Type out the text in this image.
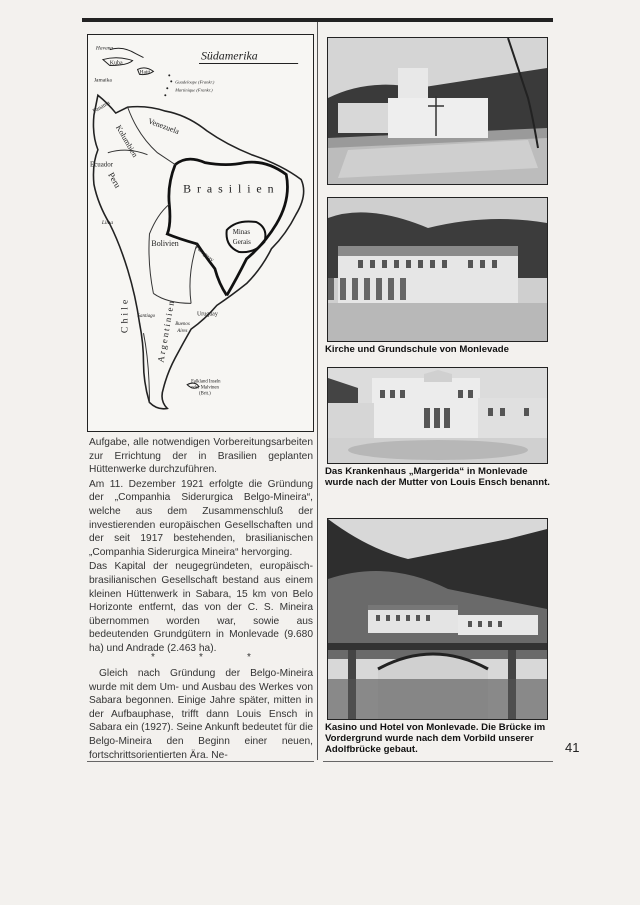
Südamerika
Havana
Kuba
Haiti
Jamaika	Guadeloupe (Frankr.)
Martinique (Frankr.)
Panama
Venezuela
Kolumbien
Ecuador
Peru
Lima
Brasilien
Bolivien
Minas
Gerais
Paraguay
Uruguay
Santiago
Buenos
Aires
Chile	Argentinien
Falkland Inseln
oder Malvinen
(Brit.)
Kirche und Grundschule von Monlevade
Das Krankenhaus „Margerida“ in Monlevade wurde nach der Mutter von Louis Ensch benannt.
Kasino und Hotel von Monlevade. Die Brücke im Vordergrund wurde nach dem Vorbild unserer Adolfbrücke gebaut.

Aufgabe, alle notwendigen Vorbereitungsarbeiten zur Errichtung der in Brasilien geplanten Hüttenwerke durchzuführen.

Am 11. Dezember 1921 erfolgte die Gründung der „Companhia Siderurgica Belgo-Mineira“, welche aus dem Zusammenschluß der investierenden europäischen Gesellschaften und der seit 1917 bestehenden, brasilianischen „Companhia Siderurgica Mineira“ hervorging.

Das Kapital der neugegründeten, europäisch-brasilianischen Gesellschaft bestand aus einem kleinen Hüttenwerk in Sabara, 15 km von Belo Horizonte entfernt, das von der C. S. Mineira übernommen worden war, sowie aus bedeutenden Grundgütern in Monlevade (9.680 ha) und Andrade (2.463 ha).

*	*	*

Gleich nach Gründung der Belgo-Mineira wurde mit dem Um- und Ausbau des Werkes von Sabara begonnen. Einige Jahre später, mitten in der Aufbauphase, trifft dann Louis Ensch in Sabara ein (1927). Seine Ankunft bedeutet für die Belgo-Mineira den Beginn einer neuen, fortschrittsorientierten Ära. Ne-

41
